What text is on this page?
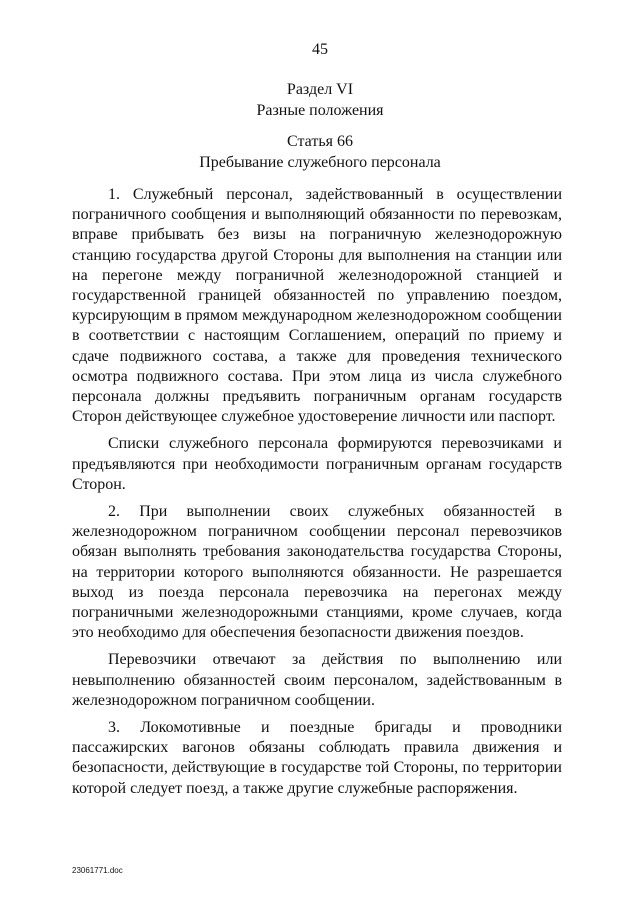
45
Раздел VI
Разные положения
Статья 66
Пребывание служебного персонала

1. Служебный персонал, задействованный в осуществлении пограничного сообщения и выполняющий обязанности по перевозкам, вправе прибывать без визы на пограничную железнодорожную станцию государства другой Стороны для выполнения на станции или на перегоне между пограничной железнодорожной станцией и государственной границей обязанностей по управлению поездом, курсирующим в прямом международном железнодорожном сообщении в соответствии с настоящим Соглашением, операций по приему и сдаче подвижного состава, а также для проведения технического осмотра подвижного состава. При этом лица из числа служебного персонала должны предъявить пограничным органам государств Сторон действующее служебное удостоверение личности или паспорт.

Списки служебного персонала формируются перевозчиками и предъявляются при необходимости пограничным органам государств Сторон.

2. При выполнении своих служебных обязанностей в железнодорожном пограничном сообщении персонал перевозчиков обязан выполнять требования законодательства государства Стороны, на территории которого выполняются обязанности. Не разрешается выход из поезда персонала перевозчика на перегонах между пограничными железнодорожными станциями, кроме случаев, когда это необходимо для обеспечения безопасности движения поездов.

Перевозчики отвечают за действия по выполнению или невыполнению обязанностей своим персоналом, задействованным в железнодорожном пограничном сообщении.

3. Локомотивные и поездные бригады и проводники пассажирских вагонов обязаны соблюдать правила движения и безопасности, действующие в государстве той Стороны, по территории которой следует поезд, а также другие служебные распоряжения.

23061771.doc
